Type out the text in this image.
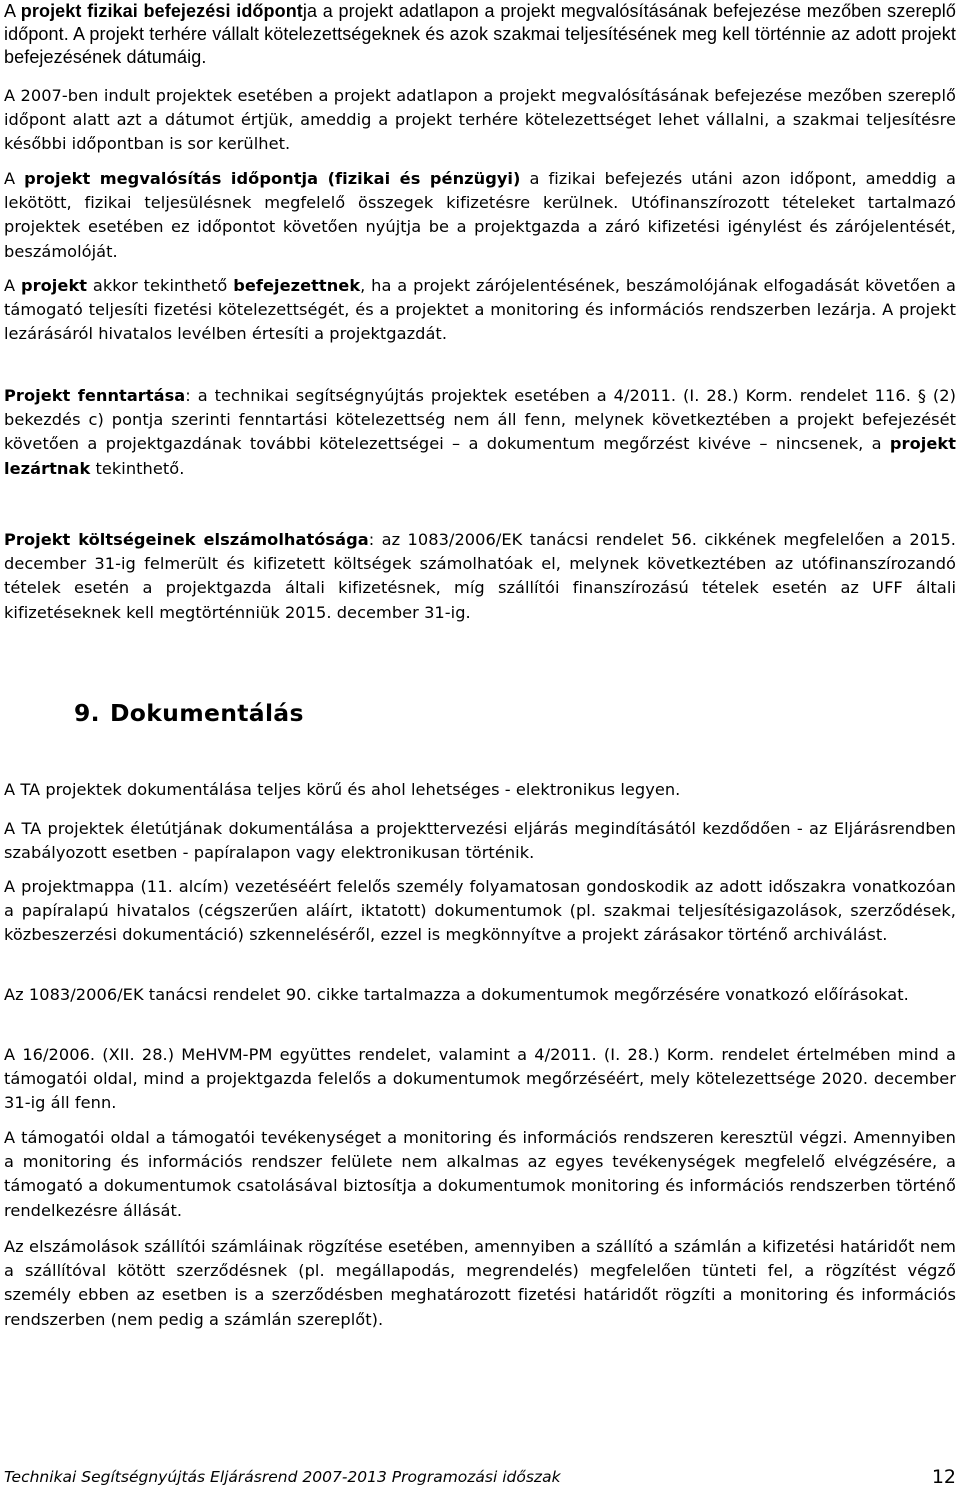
A projekt fizikai befejezési időpontja a projekt adatlapon a projekt megvalósításának befejezése mezőben szereplő időpont. A projekt terhére vállalt kötelezettségeknek és azok szakmai teljesítésének meg kell történnie az adott projekt befejezésének dátumáig.

A 2007-ben indult projektek esetében a projekt adatlapon a projekt megvalósításának befejezése mezőben szereplő időpont alatt azt a dátumot értjük, ameddig a projekt terhére kötelezettséget lehet vállalni, a szakmai teljesítésre későbbi időpontban is sor kerülhet.

A projekt megvalósítás időpontja (fizikai és pénzügyi) a fizikai befejezés utáni azon időpont, ameddig a lekötött, fizikai teljesülésnek megfelelő összegek kifizetésre kerülnek. Utófinanszírozott tételeket tartalmazó projektek esetében ez időpontot követően nyújtja be a projektgazda a záró kifizetési igénylést és zárójelentését, beszámolóját.

A projekt akkor tekinthető befejezettnek, ha a projekt zárójelentésének, beszámolójának elfogadását követően a támogató teljesíti fizetési kötelezettségét, és a projektet a monitoring és információs rendszerben lezárja. A projekt lezárásáról hivatalos levélben értesíti a projektgazdát.

Projekt fenntartása: a technikai segítségnyújtás projektek esetében a 4/2011. (I. 28.) Korm. rendelet 116. § (2) bekezdés c) pontja szerinti fenntartási kötelezettség nem áll fenn, melynek következtében a projekt befejezését követően a projektgazdának további kötelezettségei – a dokumentum megőrzést kivéve – nincsenek, a projekt lezártnak tekinthető.

Projekt költségeinek elszámolhatósága: az 1083/2006/EK tanácsi rendelet 56. cikkének megfelelően a 2015. december 31-ig felmerült és kifizetett költségek számolhatóak el, melynek következtében az utófinanszírozandó tételek esetén a projektgazda általi kifizetésnek, míg szállítói finanszírozású tételek esetén az UFF általi kifizetéseknek kell megtörténniük 2015. december 31-ig.

9. Dokumentálás

A TA projektek dokumentálása teljes körű és ahol lehetséges - elektronikus legyen.

A TA projektek életútjának dokumentálása a projekttervezési eljárás megindításától kezdődően - az Eljárásrendben szabályozott esetben - papíralapon vagy elektronikusan történik.

A projektmappa (11. alcím) vezetéséért felelős személy folyamatosan gondoskodik az adott időszakra vonatkozóan a papíralapú hivatalos (cégszerűen aláírt, iktatott) dokumentumok (pl. szakmai teljesítésigazolások, szerződések, közbeszerzési dokumentáció) szkenneléséről, ezzel is megkönnyítve a projekt zárásakor történő archiválást.

Az 1083/2006/EK tanácsi rendelet 90. cikke tartalmazza a dokumentumok megőrzésére vonatkozó előírásokat.

A 16/2006. (XII. 28.) MeHVM-PM együttes rendelet, valamint a 4/2011. (I. 28.) Korm. rendelet értelmében mind a támogatói oldal, mind a projektgazda felelős a dokumentumok megőrzéséért, mely kötelezettsége 2020. december 31-ig áll fenn.

A támogatói oldal a támogatói tevékenységet a monitoring és információs rendszeren keresztül végzi. Amennyiben a monitoring és információs rendszer felülete nem alkalmas az egyes tevékenységek megfelelő elvégzésére, a támogató a dokumentumok csatolásával biztosítja a dokumentumok monitoring és információs rendszerben történő rendelkezésre állását.

Az elszámolások szállítói számláinak rögzítése esetében, amennyiben a szállító a számlán a kifizetési határidőt nem a szállítóval kötött szerződésnek (pl. megállapodás, megrendelés) megfelelően tünteti fel, a rögzítést végző személy ebben az esetben is a szerződésben meghatározott fizetési határidőt rögzíti a monitoring és információs rendszerben (nem pedig a számlán szereplőt).

Technikai Segítségnyújtás Eljárásrend 2007-2013 Programozási időszak	12
